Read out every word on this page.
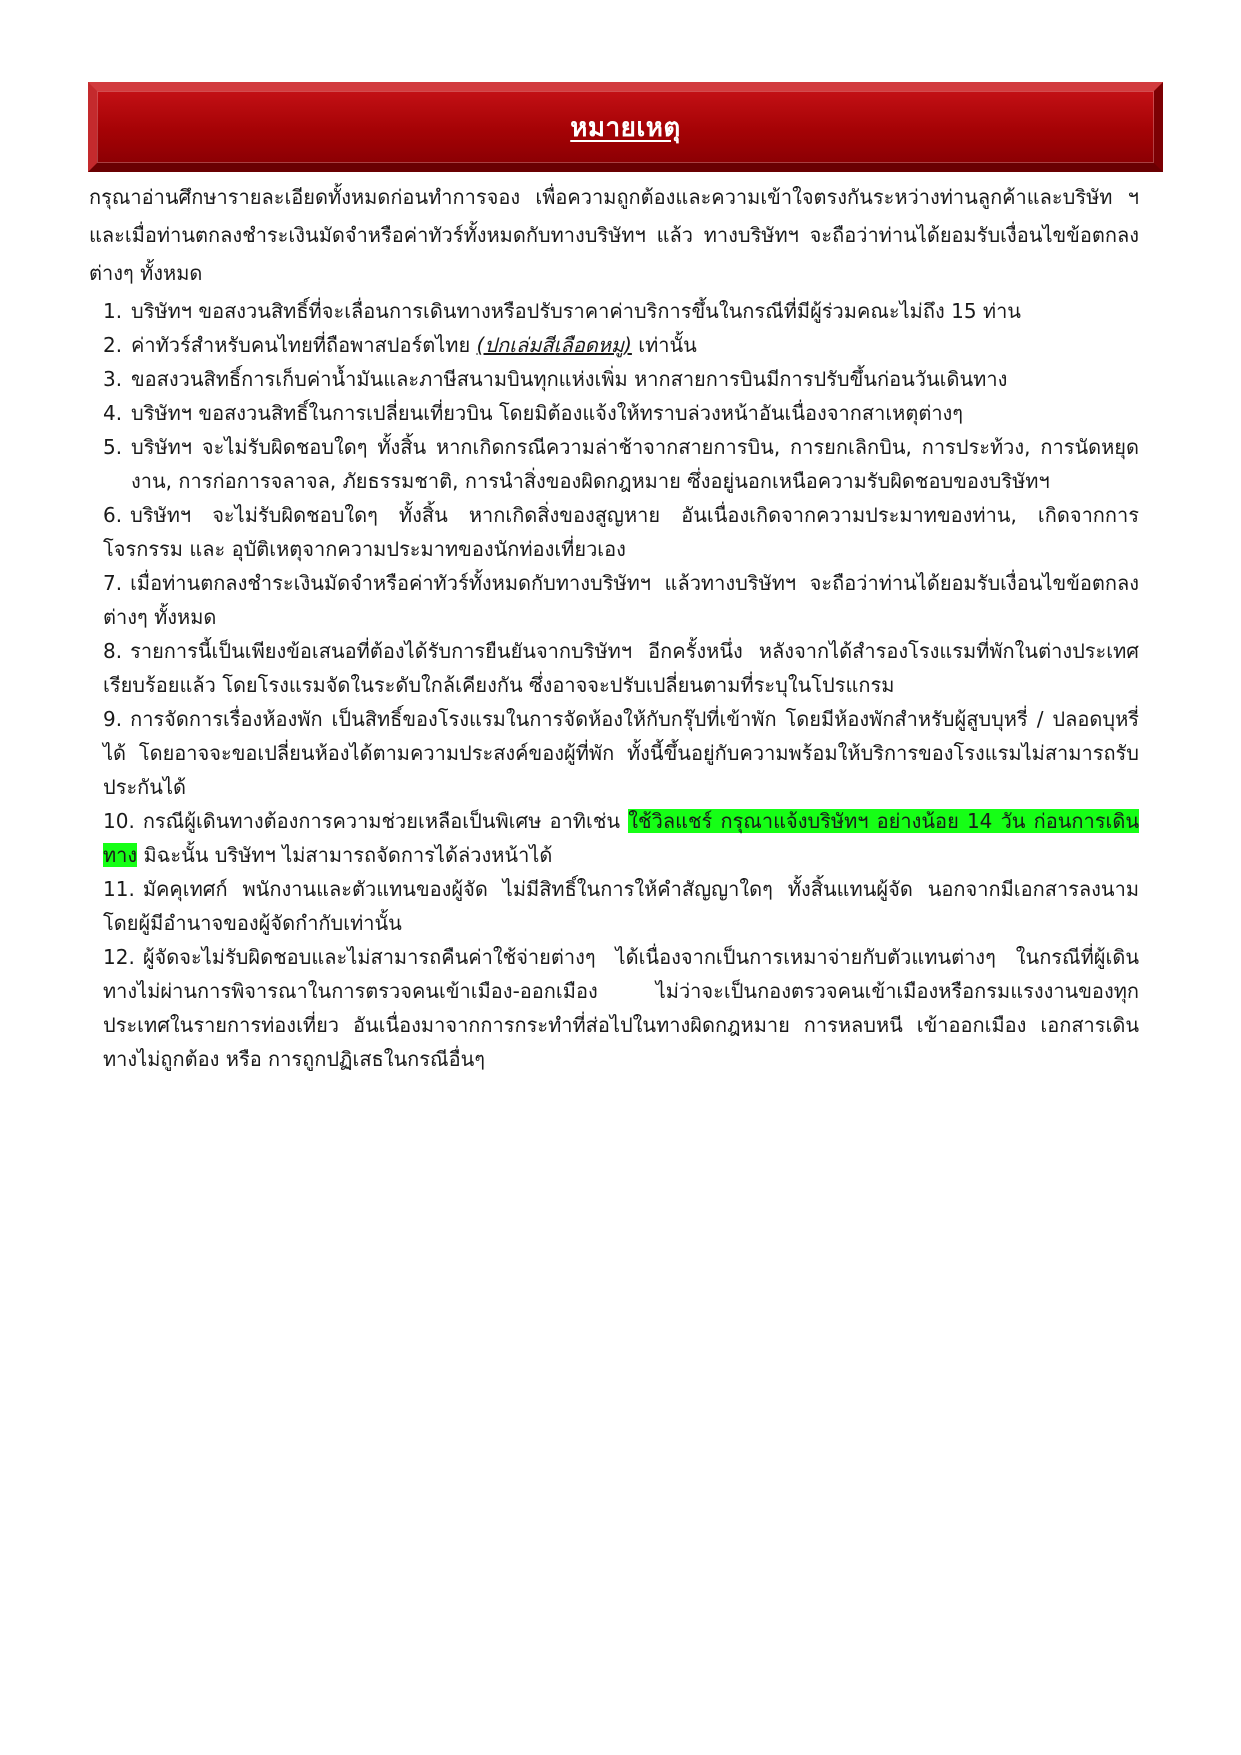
หมายเหตุ

กรุณาอ่านศึกษารายละเอียดทั้งหมดก่อนทำการจอง เพื่อความถูกต้องและความเข้าใจตรงกันระหว่างท่านลูกค้าและบริษัท ฯ และเมื่อท่านตกลงชำระเงินมัดจำหรือค่าทัวร์ทั้งหมดกับทางบริษัทฯ แล้ว ทางบริษัทฯ จะถือว่าท่านได้ยอมรับเงื่อนไขข้อตกลงต่างๆ ทั้งหมด

1. บริษัทฯ ขอสงวนสิทธิ์ที่จะเลื่อนการเดินทางหรือปรับราคาค่าบริการขึ้นในกรณีที่มีผู้ร่วมคณะไม่ถึง 15 ท่าน
2. ค่าทัวร์สำหรับคนไทยที่ถือพาสปอร์ตไทย (ปกเล่มสีเลือดหมู) เท่านั้น
3. ขอสงวนสิทธิ์การเก็บค่าน้ำมันและภาษีสนามบินทุกแห่งเพิ่ม หากสายการบินมีการปรับขึ้นก่อนวันเดินทาง
4. บริษัทฯ ขอสงวนสิทธิ์ในการเปลี่ยนเที่ยวบิน โดยมิต้องแจ้งให้ทราบล่วงหน้าอันเนื่องจากสาเหตุต่างๆ
5. บริษัทฯ จะไม่รับผิดชอบใดๆ ทั้งสิ้น หากเกิดกรณีความล่าช้าจากสายการบิน, การยกเลิกบิน, การประท้วง, การนัดหยุดงาน, การก่อการจลาจล, ภัยธรรมชาติ, การนำสิ่งของผิดกฎหมาย ซึ่งอยู่นอกเหนือความรับผิดชอบของบริษัทฯ
6. บริษัทฯ จะไม่รับผิดชอบใดๆ ทั้งสิ้น หากเกิดสิ่งของสูญหาย อันเนื่องเกิดจากความประมาทของท่าน, เกิดจากการโจรกรรม และ อุบัติเหตุจากความประมาทของนักท่องเที่ยวเอง
7. เมื่อท่านตกลงชำระเงินมัดจำหรือค่าทัวร์ทั้งหมดกับทางบริษัทฯ แล้วทางบริษัทฯ จะถือว่าท่านได้ยอมรับเงื่อนไขข้อตกลงต่างๆ ทั้งหมด
8. รายการนี้เป็นเพียงข้อเสนอที่ต้องได้รับการยืนยันจากบริษัทฯ อีกครั้งหนึ่ง หลังจากได้สำรองโรงแรมที่พักในต่างประเทศเรียบร้อยแล้ว โดยโรงแรมจัดในระดับใกล้เคียงกัน ซึ่งอาจจะปรับเปลี่ยนตามที่ระบุในโปรแกรม
9. การจัดการเรื่องห้องพัก เป็นสิทธิ์ของโรงแรมในการจัดห้องให้กับกรุ๊ปที่เข้าพัก โดยมีห้องพักสำหรับผู้สูบบุหรี่ / ปลอดบุหรี่ได้ โดยอาจจะขอเปลี่ยนห้องได้ตามความประสงค์ของผู้ที่พัก ทั้งนี้ขึ้นอยู่กับความพร้อมให้บริการของโรงแรมไม่สามารถรับประกันได้
10. กรณีผู้เดินทางต้องการความช่วยเหลือเป็นพิเศษ อาทิเช่น ใช้วิลแชร์ กรุณาแจ้งบริษัทฯ อย่างน้อย 14 วัน ก่อนการเดินทาง มิฉะนั้น บริษัทฯ ไม่สามารถจัดการได้ล่วงหน้าได้
11. มัคคุเทศก์ พนักงานและตัวแทนของผู้จัด ไม่มีสิทธิ์ในการให้คำสัญญาใดๆ ทั้งสิ้นแทนผู้จัด นอกจากมีเอกสารลงนามโดยผู้มีอำนาจของผู้จัดกำกับเท่านั้น
12. ผู้จัดจะไม่รับผิดชอบและไม่สามารถคืนค่าใช้จ่ายต่างๆ ได้เนื่องจากเป็นการเหมาจ่ายกับตัวแทนต่างๆ ในกรณีที่ผู้เดินทางไม่ผ่านการพิจารณาในการตรวจคนเข้าเมือง-ออกเมือง ไม่ว่าจะเป็นกองตรวจคนเข้าเมืองหรือกรมแรงงานของทุกประเทศในรายการท่องเที่ยว อันเนื่องมาจากการกระทำที่ส่อไปในทางผิดกฎหมาย การหลบหนี เข้าออกเมือง เอกสารเดินทางไม่ถูกต้อง หรือ การถูกปฏิเสธในกรณีอื่นๆ
